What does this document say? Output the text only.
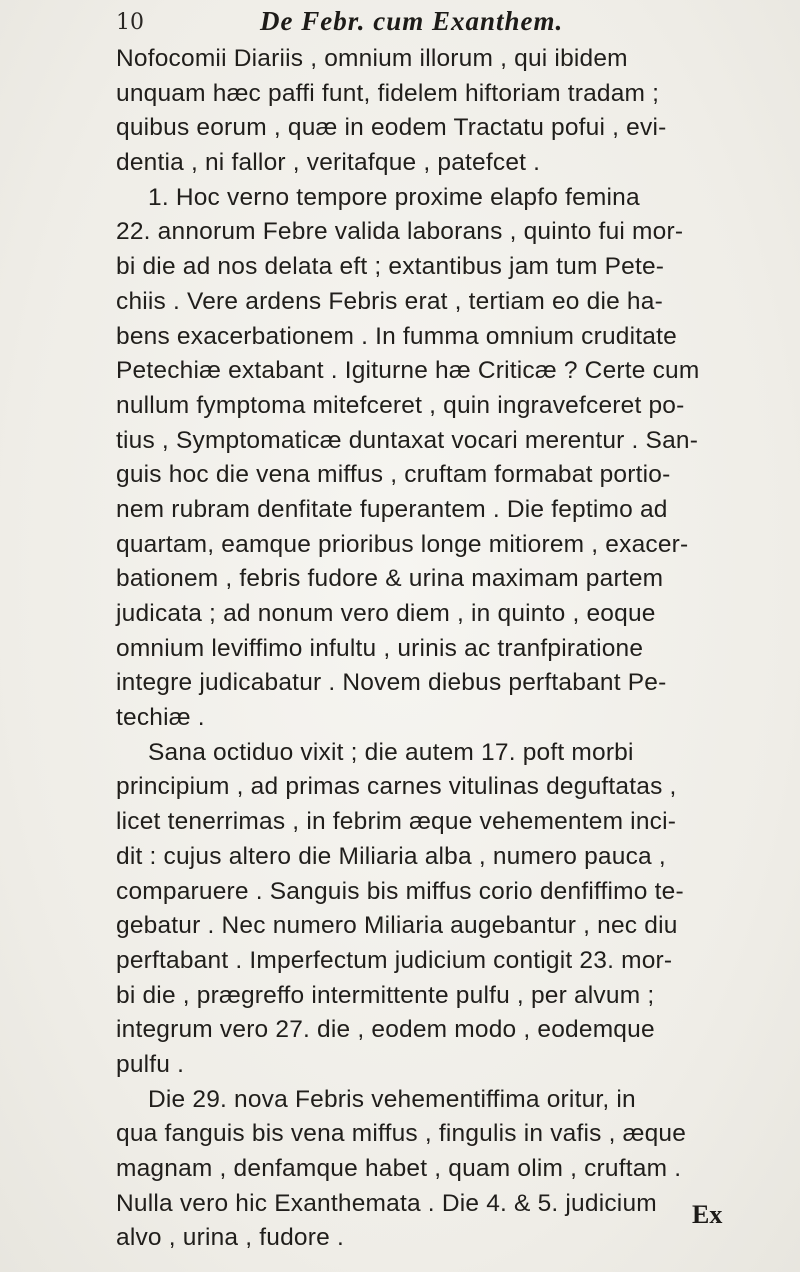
10	De Febr. cum Exanthem.
Nofocomii Diariis , omnium illorum , qui ibidem
unquam hæc paffi funt, fidelem hiftoriam tradam ;
quibus eorum , quæ in eodem Tractatu pofui , evi-
dentia , ni fallor , veritafque , patefcet .
1. Hoc verno tempore proxime elapfo femina
22. annorum Febre valida laborans , quinto fui mor-
bi die ad nos delata eft ; extantibus jam tum Pete-
chiis . Vere ardens Febris erat , tertiam eo die ha-
bens exacerbationem . In fumma omnium cruditate
Petechiæ extabant . Igiturne hæ Criticæ ? Certe cum
nullum fymptoma mitefceret , quin ingravefceret po-
tius , Symptomaticæ duntaxat vocari merentur . San-
guis hoc die vena miffus , cruftam formabat portio-
nem rubram denfitate fuperantem . Die feptimo ad
quartam, eamque prioribus longe mitiorem , exacer-
bationem , febris fudore & urina maximam partem
judicata ; ad nonum vero diem , in quinto , eoque
omnium leviffimo infultu , urinis ac tranfpiratione
integre judicabatur . Novem diebus perftabant Pe-
techiæ .
Sana octiduo vixit ; die autem 17. poft morbi
principium , ad primas carnes vitulinas deguftatas ,
licet tenerrimas , in febrim æque vehementem inci-
dit : cujus altero die Miliaria alba , numero pauca ,
comparuere . Sanguis bis miffus corio denfiffimo te-
gebatur . Nec numero Miliaria augebantur , nec diu
perftabant . Imperfectum judicium contigit 23. mor-
bi die , prægreffo intermittente pulfu , per alvum ;
integrum vero 27. die , eodem modo , eodemque
pulfu .
Die 29. nova Febris vehementiffima oritur, in
qua fanguis bis vena miffus , fingulis in vafis , æque
magnam , denfamque habet , quam olim , cruftam .
Nulla vero hic Exanthemata . Die 4. & 5. judicium
alvo , urina , fudore .
Ex
